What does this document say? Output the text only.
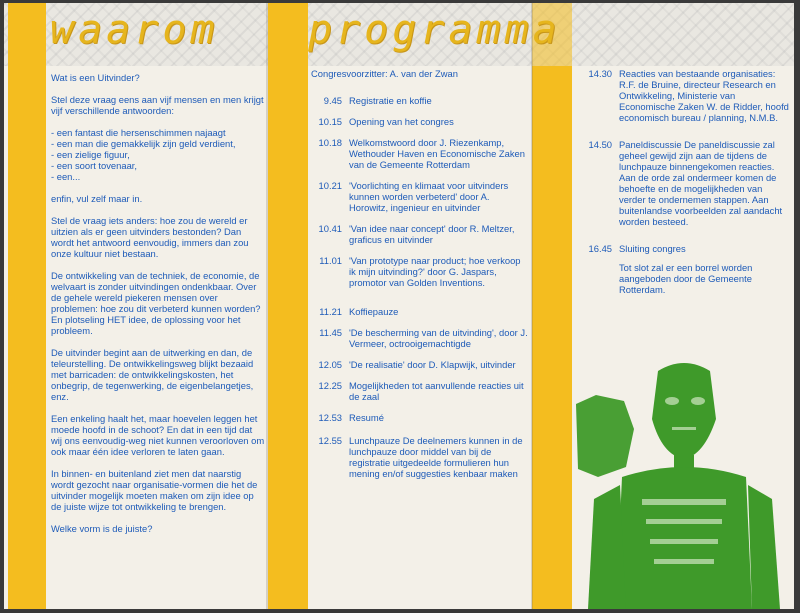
waarom programma

Wat is een Uitvinder?

Stel deze vraag eens aan vijf mensen en men krijgt vijf verschillende antwoorden:

- een fantast die hersenschimmen najaagt
- een man die gemakkelijk zijn geld verdient,
- een zielige figuur,
- een soort tovenaar,
- een...

enfin, vul zelf maar in.

Stel de vraag iets anders: hoe zou de wereld er uitzien als er geen uitvinders bestonden? Dan wordt het antwoord eenvoudig, immers dan zou onze kultuur niet bestaan.

De ontwikkeling van de techniek, de economie, de welvaart is zonder uitvindingen ondenkbaar. Over de gehele wereld piekeren mensen over problemen: hoe zou dit verbeterd kunnen worden? En plotseling HET idee, de oplossing voor het probleem.

De uitvinder begint aan de uitwerking en dan, de teleurstelling. De ontwikkelingsweg blijkt bezaaid met barricaden: de ontwikkelingskosten, het onbegrip, de tegenwerking, de eigenbelangetjes, enz.

Een enkeling haalt het, maar hoevelen leggen het moede hoofd in de schoot? En dat in een tijd dat wij ons eenvoudig-weg niet kunnen veroorloven om ook maar één idee verloren te laten gaan.

In binnen- en buitenland ziet men dat naarstig wordt gezocht naar organisatie-vormen die het de uitvinder mogelijk moeten maken om zijn idee op de juiste wijze tot ontwikkeling te brengen.

Welke vorm is de juiste?

Congresvoorzitter: A. van der Zwan

9.45 Registratie en koffie
10.15 Opening van het congres
10.18 Welkomstwoord door J. Riezenkamp, Wethouder Haven en Economische Zaken van de Gemeente Rotterdam
10.21 'Voorlichting en klimaat voor uitvinders kunnen worden verbeterd' door A. Horowitz, ingenieur en uitvinder
10.41 'Van idee naar concept' door R. Meltzer, graficus en uitvinder
11.01 'Van prototype naar product; hoe verkoop ik mijn uitvinding?' door G. Jaspars, promotor van Golden Inventions.
11.21 Koffiepauze
11.45 'De bescherming van de uitvinding', door J. Vermeer, octrooigemachtigde
12.05 'De realisatie' door D. Klapwijk, uitvinder
12.25 Mogelijkheden tot aanvullende reacties uit de zaal
12.53 Resumé
12.55 Lunchpauze De deelnemers kunnen in de lunchpauze door middel van bij de registratie uitgedeelde formulieren hun mening en/of suggesties kenbaar maken
14.30 Reacties van bestaande organisaties: R.F. de Bruine, directeur Research en Ontwikkeling, Ministerie van Economische Zaken W. de Ridder, hoofd economisch bureau / planning, N.M.B.
14.50 Paneldiscussie De paneldiscussie zal geheel gewijd zijn aan de tijdens de lunchpauze binnengekomen reacties. Aan de orde zal ondermeer komen de behoefte en de mogelijkheden van verder te ondernemen stappen. Aan buitenlandse voorbeelden zal aandacht worden besteed.
16.45 Sluiting congres
Tot slot zal er een borrel worden aangeboden door de Gemeente Rotterdam.
